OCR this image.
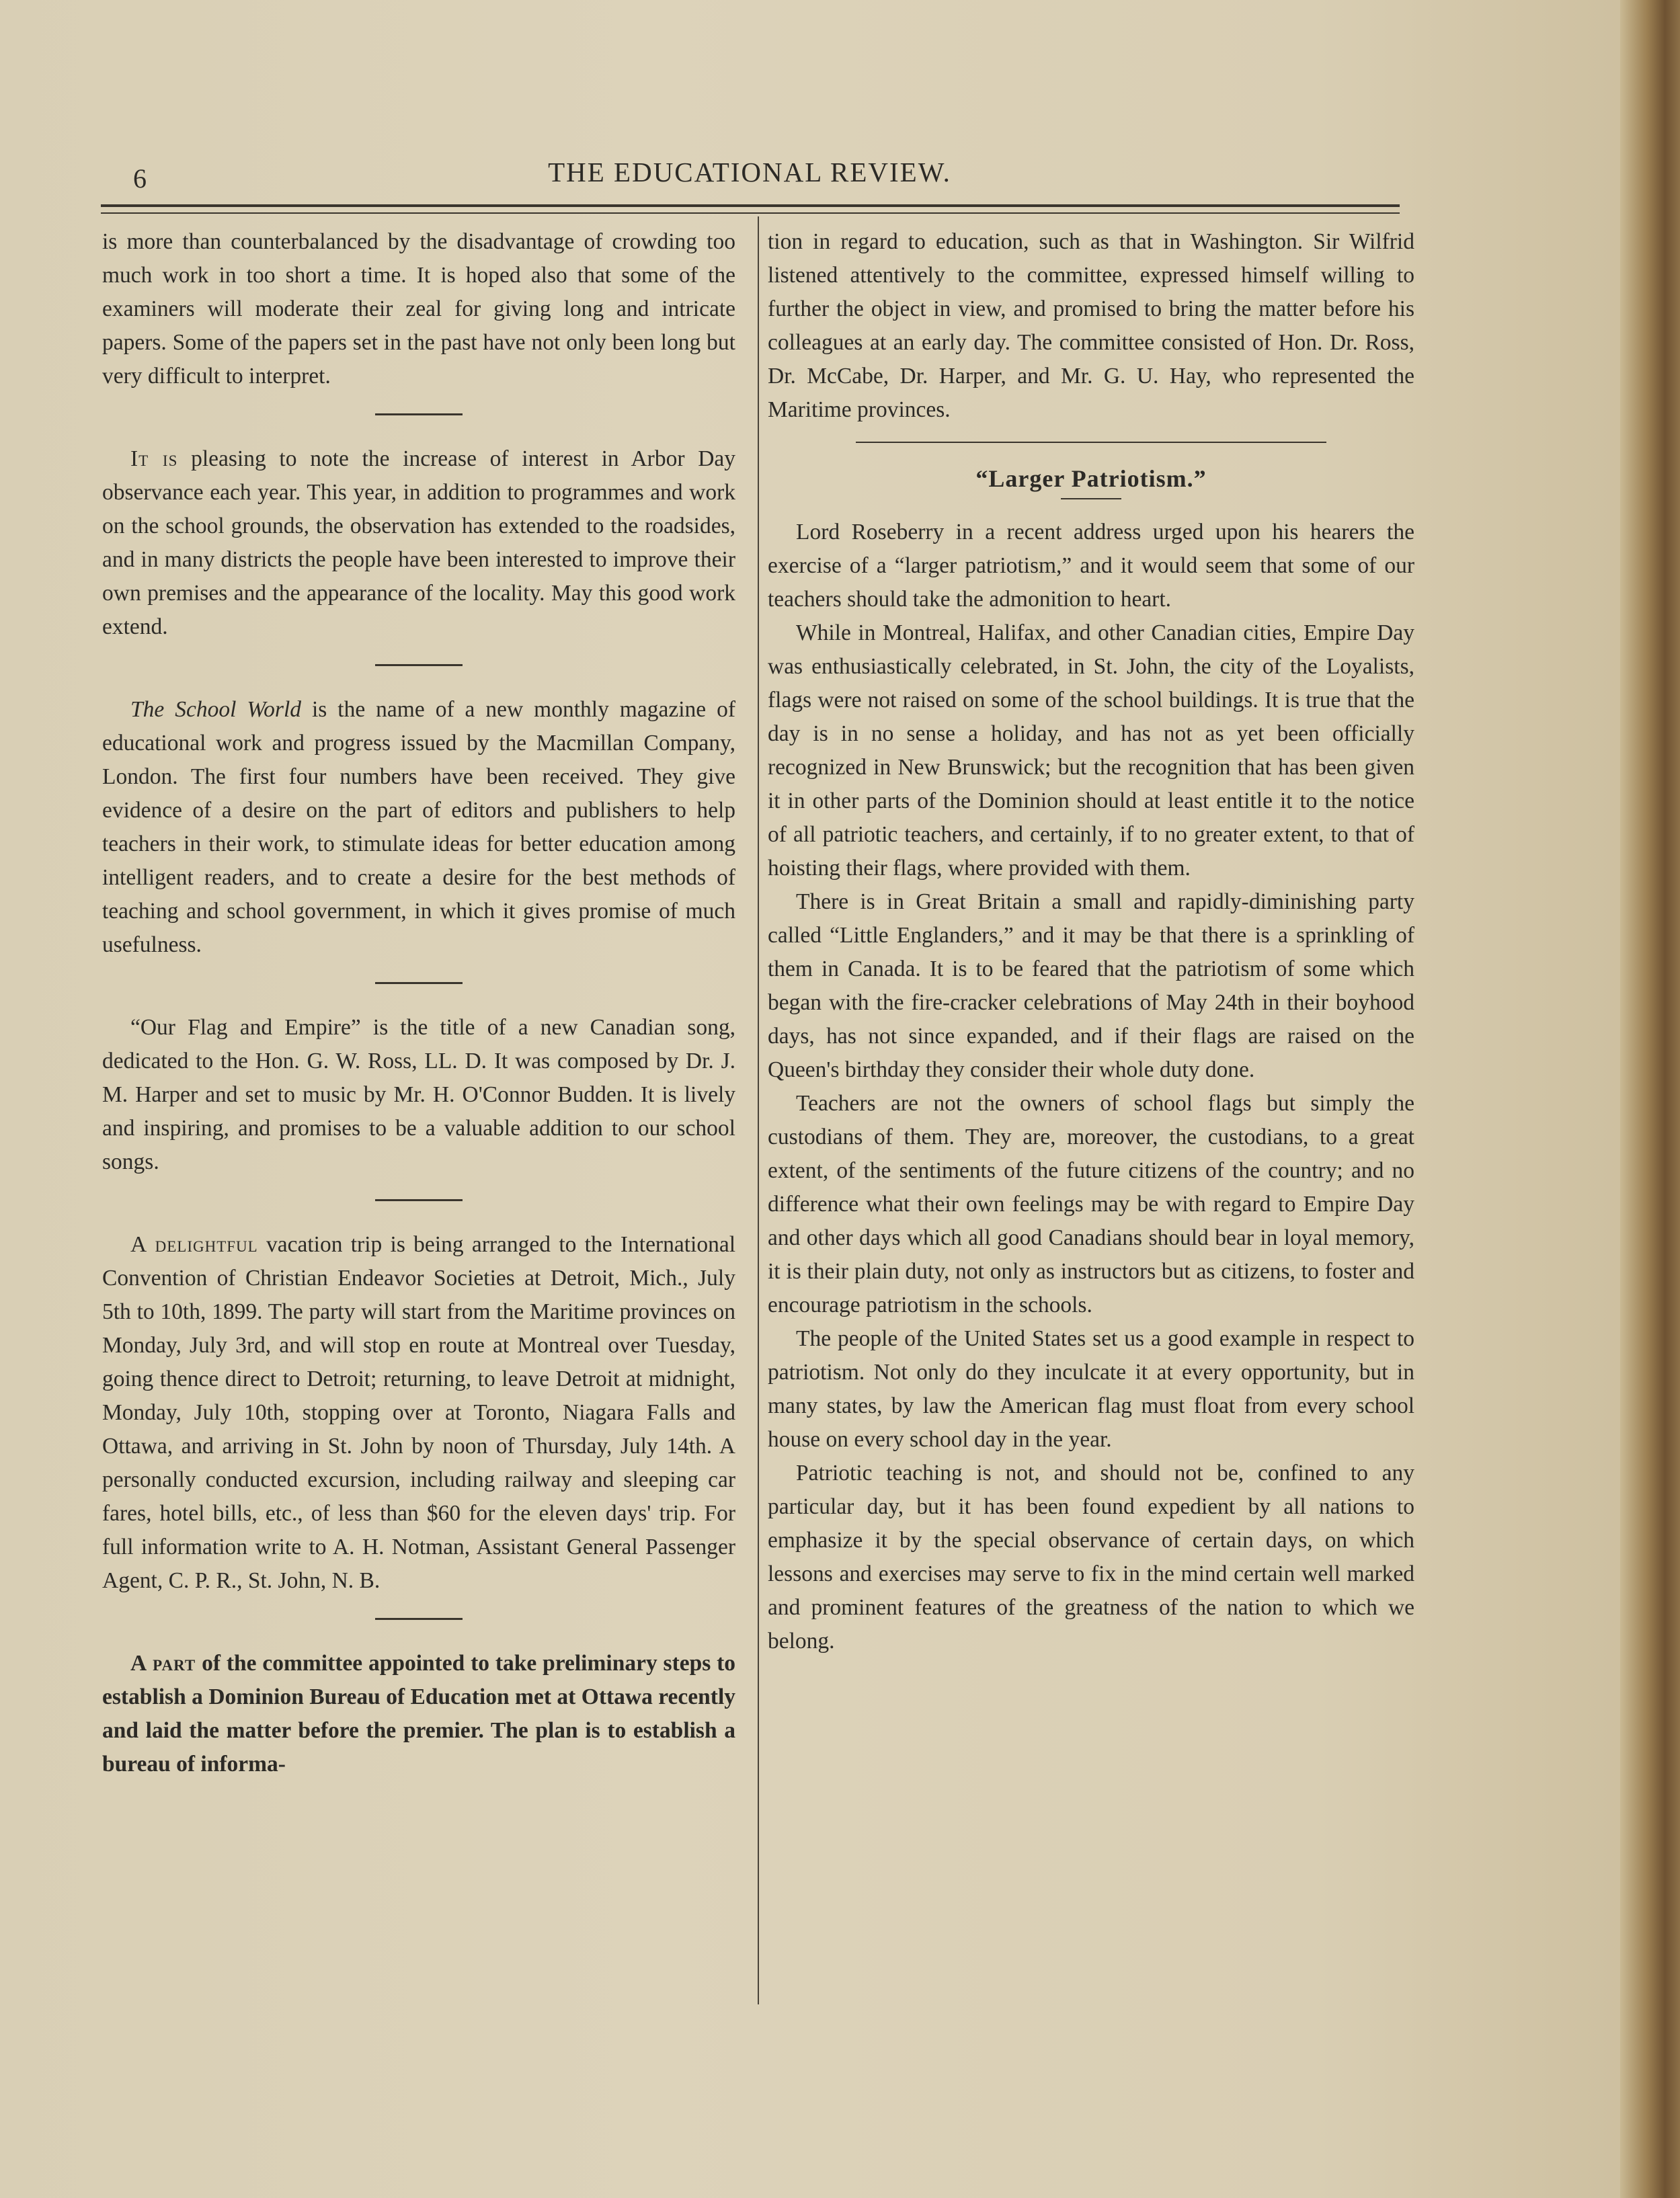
6	THE EDUCATIONAL REVIEW.

is more than counterbalanced by the disadvantage of crowding too much work in too short a time. It is hoped also that some of the examiners will moderate their zeal for giving long and intricate papers. Some of the papers set in the past have not only been long but very difficult to interpret.

It is pleasing to note the increase of interest in Arbor Day observance each year. This year, in addition to programmes and work on the school grounds, the observation has extended to the roadsides, and in many districts the people have been interested to improve their own premises and the appearance of the locality. May this good work extend.

The School World is the name of a new monthly magazine of educational work and progress issued by the Macmillan Company, London. The first four numbers have been received. They give evidence of a desire on the part of editors and publishers to help teachers in their work, to stimulate ideas for better education among intelligent readers, and to create a desire for the best methods of teaching and school government, in which it gives promise of much usefulness.

“Our Flag and Empire” is the title of a new Canadian song, dedicated to the Hon. G. W. Ross, LL. D. It was composed by Dr. J. M. Harper and set to music by Mr. H. O'Connor Budden. It is lively and inspiring, and promises to be a valuable addition to our school songs.

A delightful vacation trip is being arranged to the International Convention of Christian Endeavor Societies at Detroit, Mich., July 5th to 10th, 1899. The party will start from the Maritime provinces on Monday, July 3rd, and will stop en route at Montreal over Tuesday, going thence direct to Detroit; returning, to leave Detroit at midnight, Monday, July 10th, stopping over at Toronto, Niagara Falls and Ottawa, and arriving in St. John by noon of Thursday, July 14th. A personally conducted excursion, including railway and sleeping car fares, hotel bills, etc., of less than $60 for the eleven days' trip. For full information write to A. H. Notman, Assistant General Passenger Agent, C. P. R., St. John, N. B.

A part of the committee appointed to take preliminary steps to establish a Dominion Bureau of Education met at Ottawa recently and laid the matter before the premier. The plan is to establish a bureau of informa-

tion in regard to education, such as that in Washington. Sir Wilfrid listened attentively to the committee, expressed himself willing to further the object in view, and promised to bring the matter before his colleagues at an early day. The committee consisted of Hon. Dr. Ross, Dr. McCabe, Dr. Harper, and Mr. G. U. Hay, who represented the Maritime provinces.

“Larger Patriotism.”

Lord Roseberry in a recent address urged upon his hearers the exercise of a “larger patriotism,” and it would seem that some of our teachers should take the admonition to heart.

While in Montreal, Halifax, and other Canadian cities, Empire Day was enthusiastically celebrated, in St. John, the city of the Loyalists, flags were not raised on some of the school buildings. It is true that the day is in no sense a holiday, and has not as yet been officially recognized in New Brunswick; but the recognition that has been given it in other parts of the Dominion should at least entitle it to the notice of all patriotic teachers, and certainly, if to no greater extent, to that of hoisting their flags, where provided with them.

There is in Great Britain a small and rapidly-diminishing party called “Little Englanders,” and it may be that there is a sprinkling of them in Canada. It is to be feared that the patriotism of some which began with the fire-cracker celebrations of May 24th in their boyhood days, has not since expanded, and if their flags are raised on the Queen's birthday they consider their whole duty done.

Teachers are not the owners of school flags but simply the custodians of them. They are, moreover, the custodians, to a great extent, of the sentiments of the future citizens of the country; and no difference what their own feelings may be with regard to Empire Day and other days which all good Canadians should bear in loyal memory, it is their plain duty, not only as instructors but as citizens, to foster and encourage patriotism in the schools.

The people of the United States set us a good example in respect to patriotism. Not only do they inculcate it at every opportunity, but in many states, by law the American flag must float from every school house on every school day in the year.

Patriotic teaching is not, and should not be, confined to any particular day, but it has been found expedient by all nations to emphasize it by the special observance of certain days, on which lessons and exercises may serve to fix in the mind certain well marked and prominent features of the greatness of the nation to which we belong.
